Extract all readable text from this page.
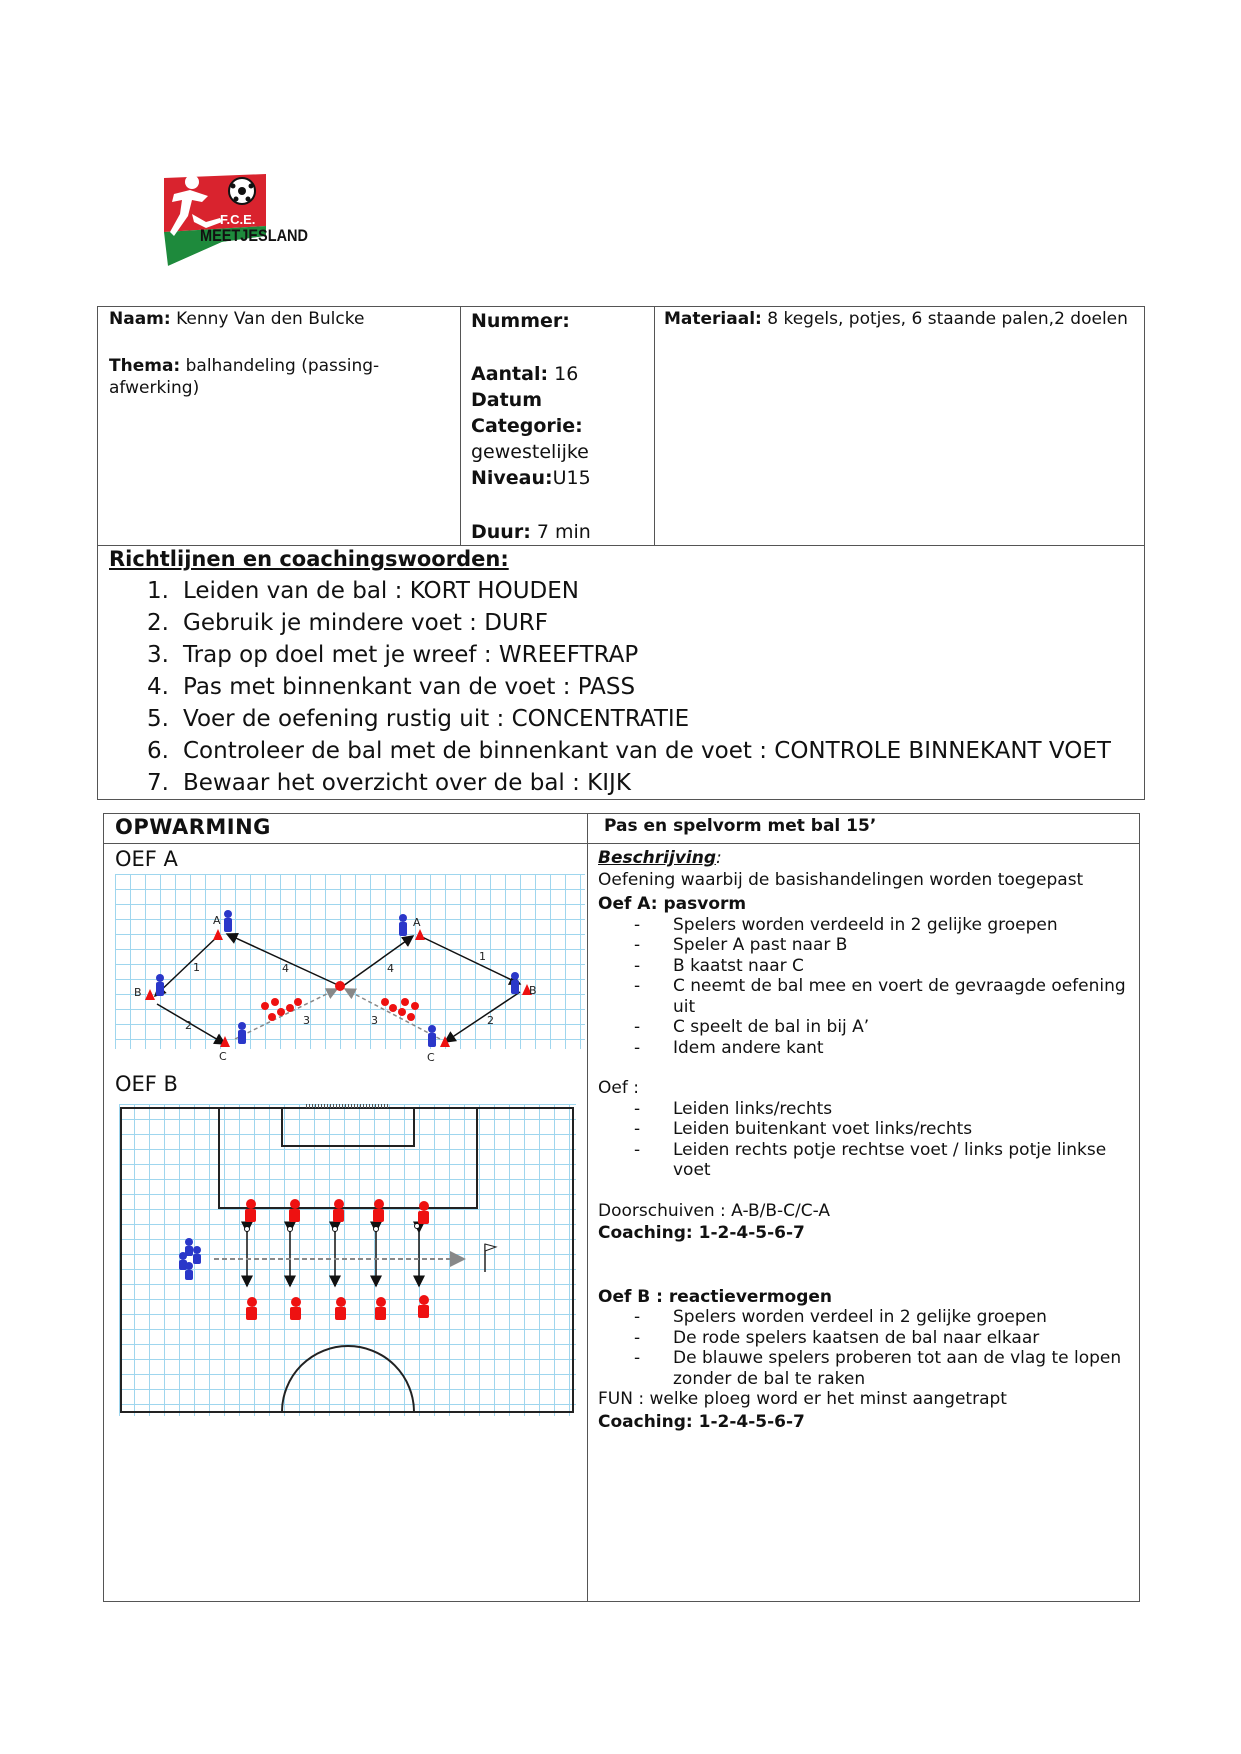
F.C.E.
MEETJESLAND
Naam: Kenny Van den Bulcke
Thema: balhandeling (passing-
afwerking)
Nummer:
Aantal: 16
Datum
Categorie:
gewestelijke
Niveau:U15
Duur: 7 min
Materiaal: 8 kegels, potjes, 6 staande palen,2 doelen
Richtlijnen en coachingswoorden:
1. Leiden van de bal : KORT HOUDEN
2. Gebruik je mindere voet : DURF
3. Trap op doel met je wreef : WREEFTRAP
4. Pas met binnenkant van de voet : PASS
5. Voer de oefening rustig uit : CONCENTRATIE
6. Controleer de bal met de binnenkant van de voet : CONTROLE BINNEKANT VOET
7. Bewaar het overzicht over de bal : KIJK
OPWARMING	Pas en spelvorm met bal 15’
OEF A
A	A
B	B
C	C
1
1
2	2
3	3
4	4
OEF B
Beschrijving:
Oefening waarbij de basishandelingen worden toegepast
Oef A: pasvorm
- Spelers worden verdeeld in 2 gelijke groepen
- Speler A past naar B
- B kaatst naar C
- C neemt de bal mee en voert de gevraagde oefening uit
- C speelt de bal in bij A’
- Idem andere kant
Oef :
- Leiden links/rechts
- Leiden buitenkant voet links/rechts
- Leiden rechts potje rechtse voet / links potje linkse voet
Doorschuiven : A-B/B-C/C-A
Coaching: 1-2-4-5-6-7
Oef B : reactievermogen
- Spelers worden verdeel in 2 gelijke groepen
- De rode spelers kaatsen de bal naar elkaar
- De blauwe spelers proberen tot aan de vlag te lopen zonder de bal te raken
FUN : welke ploeg word er het minst aangetrapt
Coaching: 1-2-4-5-6-7
